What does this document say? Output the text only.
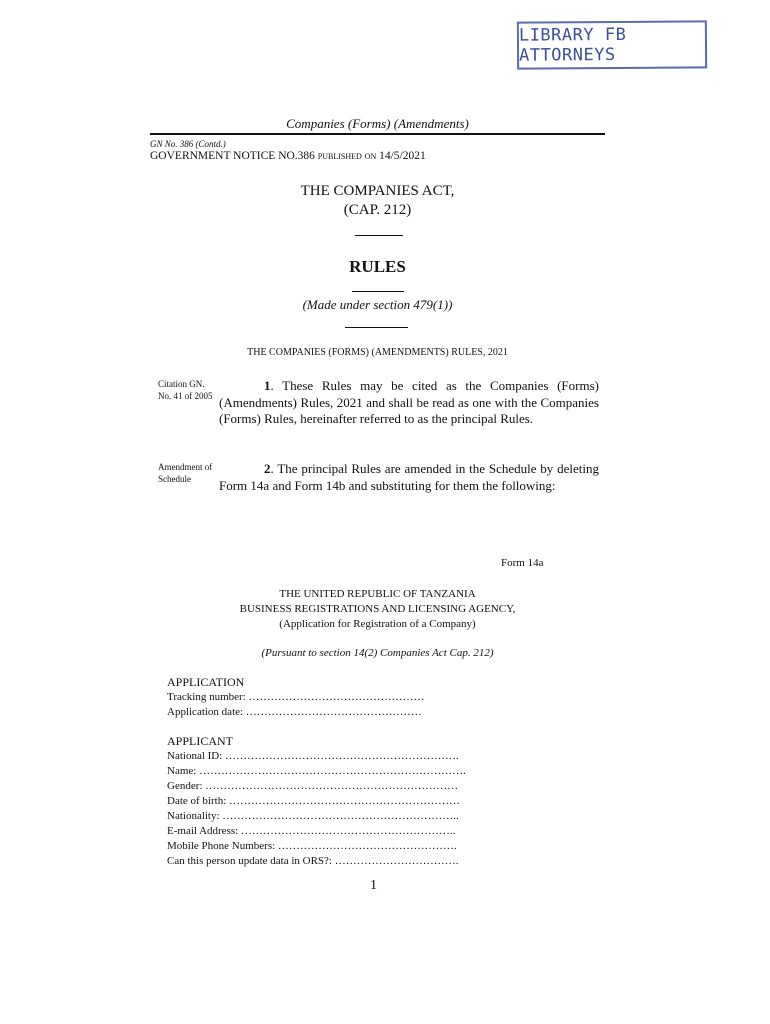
LIBRARY FB ATTORNEYS
Companies (Forms) (Amendments)
GN No. 386 (Contd.)
GOVERNMENT NOTICE NO.386 published on 14/5/2021
THE COMPANIES ACT,
(CAP. 212)
RULES
(Made under section 479(1))
THE COMPANIES (FORMS) (AMENDMENTS) RULES, 2021
Citation GN. No. 41 of 2005
1. These Rules may be cited as the Companies (Forms) (Amendments) Rules, 2021 and shall be read as one with the Companies (Forms) Rules, hereinafter referred to as the principal Rules.
Amendment of Schedule
2. The principal Rules are amended in the Schedule by deleting Form 14a and Form 14b and substituting for them the following:
Form 14a
THE UNITED REPUBLIC OF TANZANIA
BUSINESS REGISTRATIONS AND LICENSING AGENCY,
(Application for Registration of a Company)
(Pursuant to section 14(2) Companies Act Cap. 212)
APPLICATION
Tracking number: …………………………………………
Application date: …………………………………………
APPLICANT
National ID: ……………………………………………………….
Name: ……………………………………………………………….
Gender: ……………………………………………………………
Date of birth: ………………………………………………………
Nationality: ………………………………………………………..
E-mail Address: …………………………………………………..
Mobile Phone Numbers: ………………………………………….
Can this person update data in ORS?: …………………………….
1
